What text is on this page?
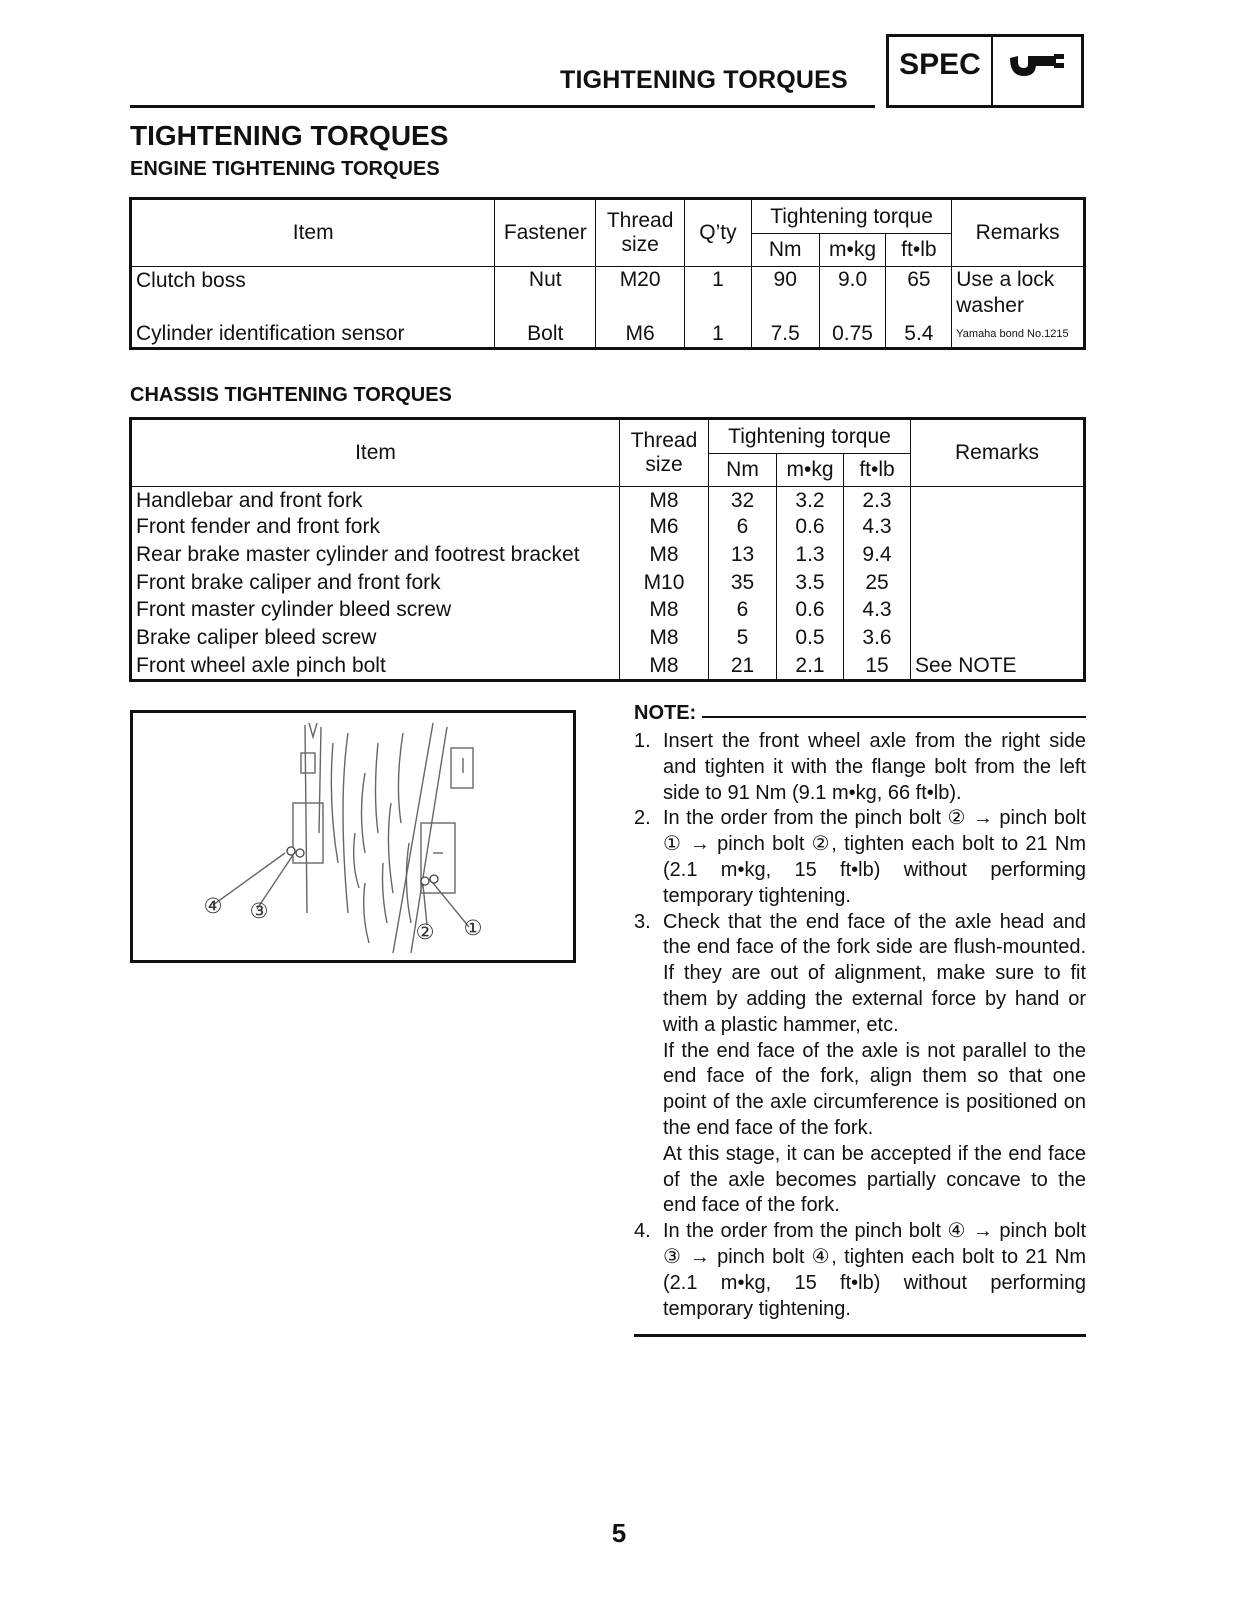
TIGHTENING TORQUES	SPEC
TIGHTENING TORQUES
ENGINE TIGHTENING TORQUES
Item	Fastener	Thread size	Q’ty	Tightening torque			Remarks
				Nm	m•kg	ft•lb	
Clutch boss	Nut	M20	1	90	9.0	65	Use a lock washer
Cylinder identification sensor	Bolt	M6	1	7.5	0.75	5.4	Yamaha bond No.1215
CHASSIS TIGHTENING TORQUES
Item	Thread size	Tightening torque			Remarks
		Nm	m•kg	ft•lb	
Handlebar and front fork	M8	32	3.2	2.3	
Front fender and front fork	M6	6	0.6	4.3	
Rear brake master cylinder and footrest bracket	M8	13	1.3	9.4	
Front brake caliper and front fork	M10	35	3.5	25	
Front master cylinder bleed screw	M8	6	0.6	4.3	
Brake caliper bleed screw	M8	5	0.5	3.6	
Front wheel axle pinch bolt	M8	21	2.1	15	See NOTE
④ ③
② ①
NOTE:
1. Insert the front wheel axle from the right side and tighten it with the flange bolt from the left side to 91 Nm (9.1 m•kg, 66 ft•lb).
2. In the order from the pinch bolt ② → pinch bolt ① → pinch bolt ②, tighten each bolt to 21 Nm (2.1 m•kg, 15 ft•lb) without performing temporary tightening.
3. Check that the end face of the axle head and the end face of the fork side are flush-mounted. If they are out of alignment, make sure to fit them by adding the external force by hand or with a plastic hammer, etc.
If the end face of the axle is not parallel to the end face of the fork, align them so that one point of the axle circumference is positioned on the end face of the fork.
At this stage, it can be accepted if the end face of the axle becomes partially concave to the end face of the fork.
4. In the order from the pinch bolt ④ → pinch bolt ③ → pinch bolt ④, tighten each bolt to 21 Nm (2.1 m•kg, 15 ft•lb) without performing temporary tightening.
5
